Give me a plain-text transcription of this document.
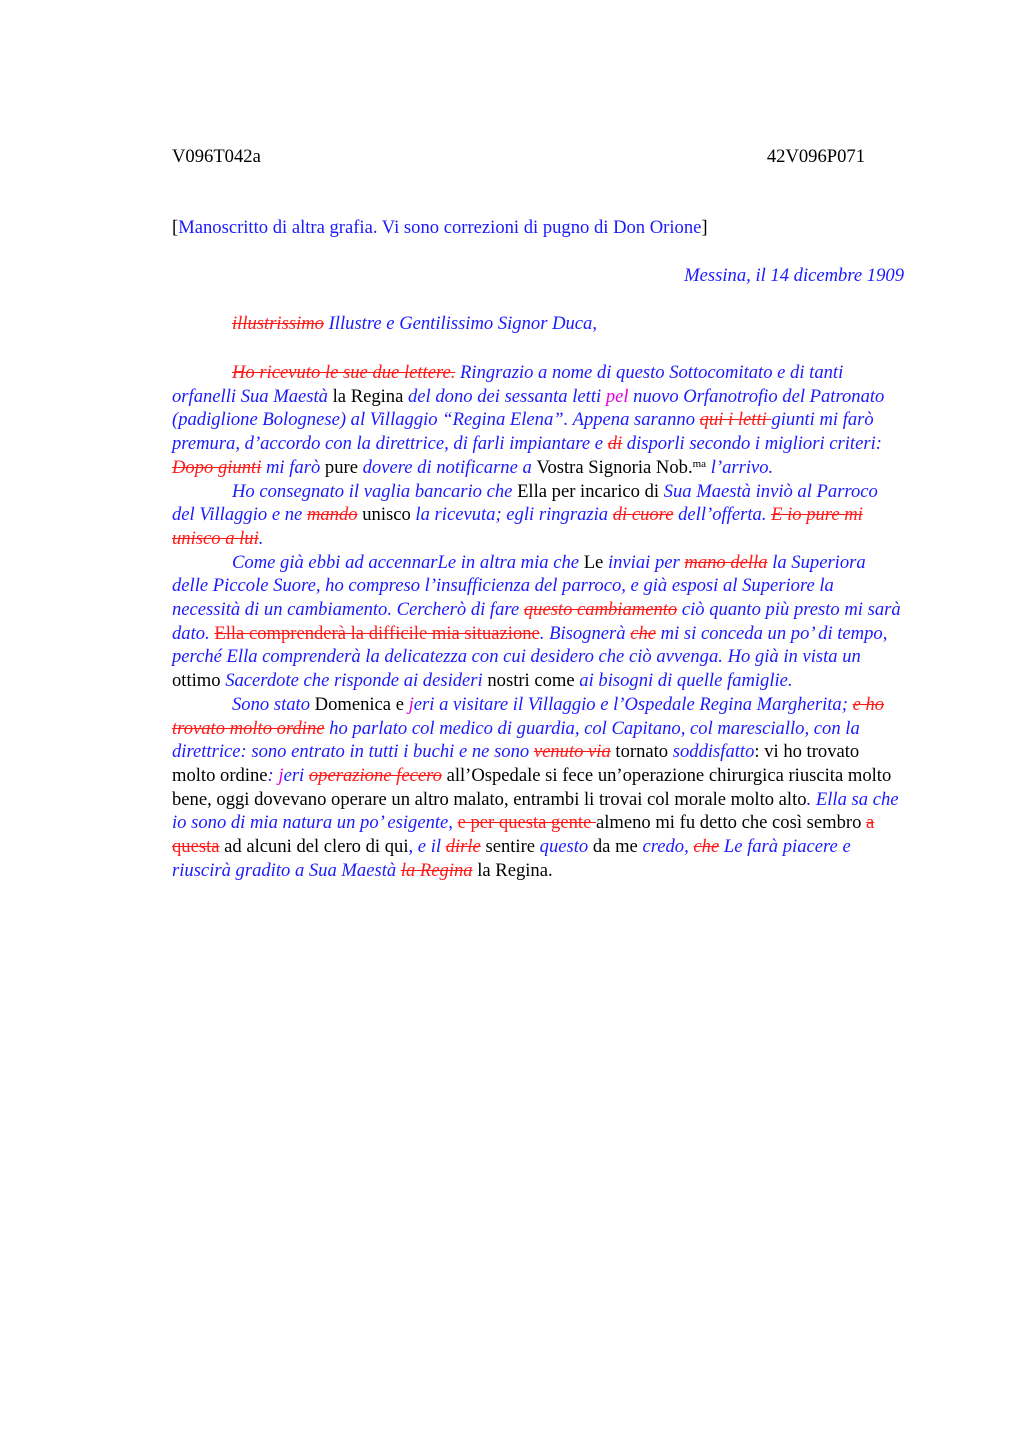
V096T042a	42V096P071
[Manoscritto di altra grafia. Vi sono correzioni di pugno di Don Orione]
Messina, il 14 dicembre 1909
illustrissimo Illustre e Gentilissimo Signor Duca,

Ho ricevuto le sue due lettere. Ringrazio a nome di questo Sottocomitato e di tanti orfanelli Sua Maestà la Regina del dono dei sessanta letti pel nuovo Orfanotrofio del Patronato (padiglione Bolognese) al Villaggio “Regina Elena”. Appena saranno qui i letti giunti mi farò premura, d’accordo con la direttrice, di farli impiantare e di disporli secondo i migliori criteri: Dopo giunti mi farò pure dovere di notificarne a Vostra Signoria Nob.$^{ma}$ l’arrivo.

Ho consegnato il vaglia bancario che Ella per incarico di Sua Maestà inviò al Parroco del Villaggio e ne mando unisco la ricevuta; egli ringrazia di cuore dell’offerta. E io pure mi unisco a lui.

Come già ebbi ad accennarLe in altra mia che Le inviai per mano della la Superiora delle Piccole Suore, ho compreso l’insufficienza del parroco, e già esposi al Superiore la necessità di un cambiamento. Cercherò di fare questo cambiamento ciò quanto più presto mi sarà dato. Ella comprenderà la difficile mia situazione. Bisognerà che mi si conceda un po’ di tempo, perché Ella comprenderà la delicatezza con cui desidero che ciò avvenga. Ho già in vista un ottimo Sacerdote che risponde ai desideri nostri come ai bisogni di quelle famiglie.

Sono stato Domenica e jeri a visitare il Villaggio e l’Ospedale Regina Margherita; e ho trovato molto ordine ho parlato col medico di guardia, col Capitano, col maresciallo, con la direttrice: sono entrato in tutti i buchi e ne sono venuto via tornato soddisfatto: vi ho trovato molto ordine: jeri operazione fecero all’Ospedale si fece un’operazione chirurgica riuscita molto bene, oggi dovevano operare un altro malato, entrambi li trovai col morale molto alto. Ella sa che io sono di mia natura un po’ esigente, e per questa gente almeno mi fu detto che così sembro a questa ad alcuni del clero di qui, e il dirle sentire questo da me credo, che Le farà piacere e riuscirà gradito a Sua Maestà la Regina la Regina.
